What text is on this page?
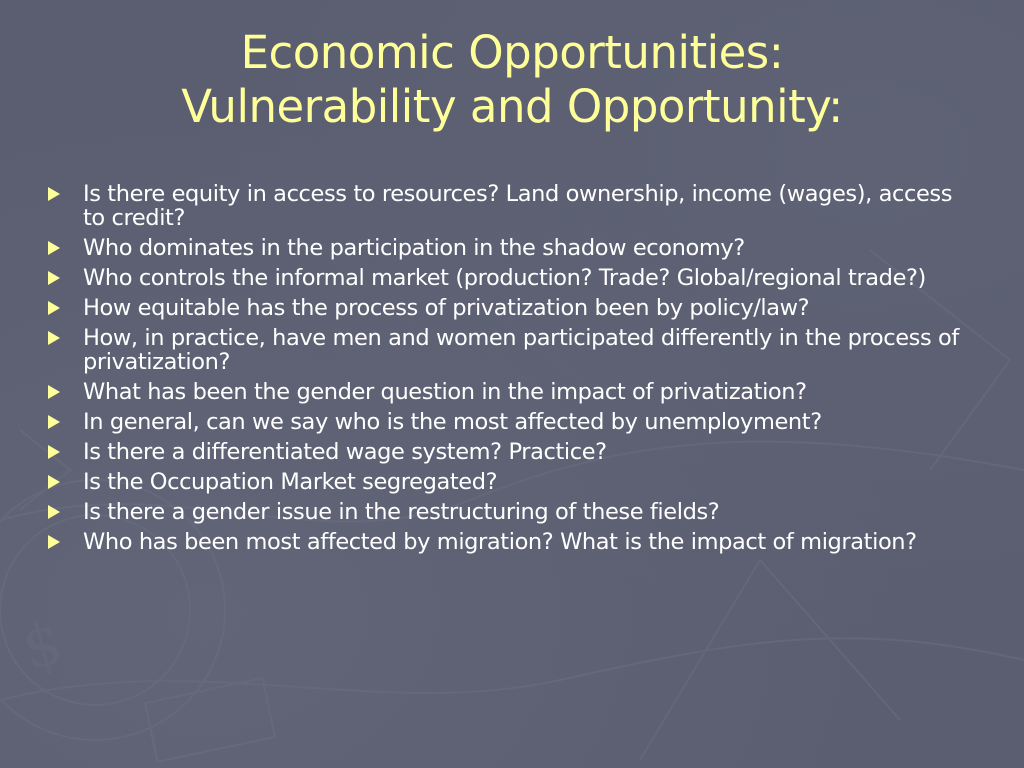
$
Economic Opportunities:
Vulnerability and Opportunity:
Is there equity in access to resources? Land ownership, income (wages), access to credit?
Who dominates in the participation in the shadow economy?
Who controls the informal market (production? Trade? Global/regional trade?)
How equitable has the process of privatization been by policy/law?
How, in practice, have men and women participated differently in the process of privatization?
What has been the gender question in the impact of privatization?
In general, can we say who is the most affected by unemployment?
Is there a differentiated wage system? Practice?
Is the Occupation Market segregated?
Is there a gender issue in the restructuring of these fields?
Who has been most affected by migration? What is the impact of migration?
